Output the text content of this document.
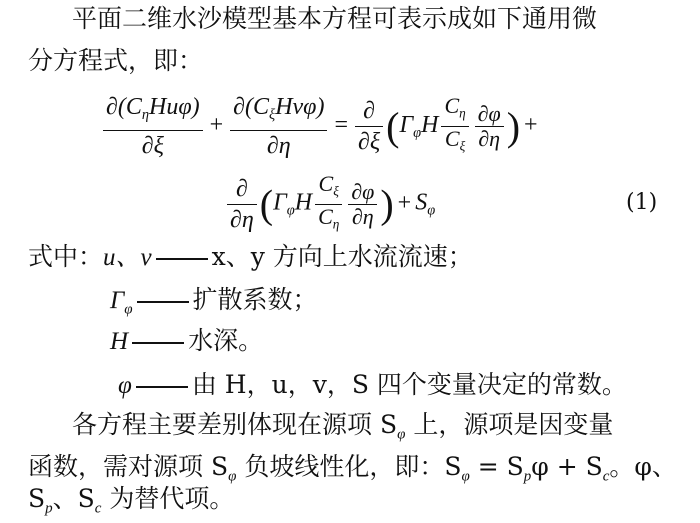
平面二维水沙模型基本方程可表示成如下通用微
分方程式，即：
$\frac{\partial(C_\eta Hu\varphi)}{\partial\xi} + \frac{\partial(C_\xi Hv\varphi)}{\partial\eta} = \frac{\partial}{\partial\xi} (\Gamma_\varphi H \frac{C_\eta}{C_\xi} \frac{\partial\varphi}{\partial\eta}$ ) +
$\frac{\partial}{\partial\eta} (\Gamma_\varphi H \frac{C_\xi}{C_\eta} \frac{\partial\varphi}{\partial\eta}$ ) + $S_\varphi$	(1)
式中：u、v x、y 方向上水流流速；
$\Gamma_\varphi$ 扩散系数；
H 水深。
φ 由 H，u，v，S 四个变量决定的常数。
各方程主要差别体现在源项 $S_\varphi$ 上，源项是因变量
函数，需对源项 $S_\varphi$ 负坡线性化，即：$S_\varphi = S_p\varphi + S_c$。φ、
$S_p$、$S_c$ 为替代项。
